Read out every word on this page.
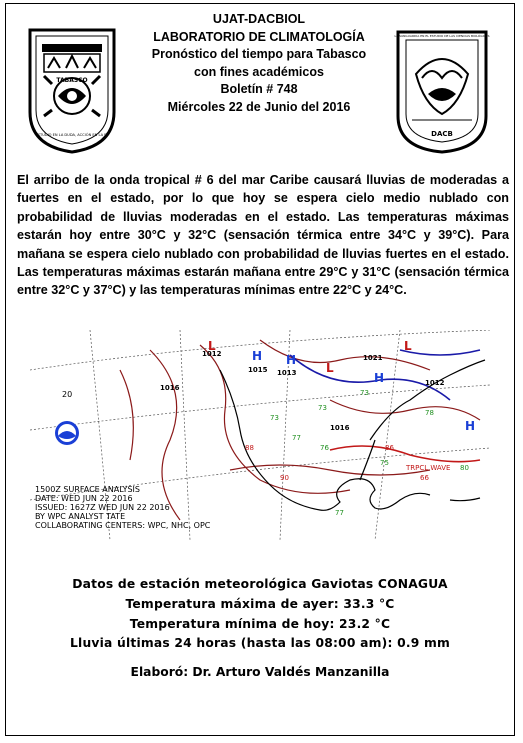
TABASCO
ESTUDIO EN LA DUDA, ACCIÓN EN LA FE	DACB
LA VANGUARDIA EN EL ESTUDIO DE LAS CIENCIAS BIOLÓGICAS
UJAT-DACBIOL
LABORATORIO DE CLIMATOLOGÍA
Pronóstico del tiempo para Tabasco
con fines académicos
Boletín # 748
Miércoles 22 de Junio del 2016
El arribo de la onda tropical # 6 del mar Caribe causará lluvias de moderadas a fuertes en el estado, por lo que hoy se espera cielo medio nublado con probabilidad de lluvias moderadas en el estado. Las temperaturas máximas estarán hoy entre 30°C y 32°C (sensación térmica entre 34°C y 39°C). Para mañana se espera cielo nublado con probabilidad de lluvias fuertes en el estado. Las temperaturas máximas estarán mañana entre 29°C y 31°C (sensación térmica entre 32°C y 37°C) y las temperaturas mínimas entre 22°C y 24°C.
20
1016
1012
1015 1013
1021
1016
1012
H H
H
H
L
L
L
TRPCL WAVE
73
73
73
77
77
75
76
78
80
88	86
66
90
1500Z SURFACE ANALYSIS
DATE: WED JUN 22 2016
ISSUED: 1627Z WED JUN 22 2016
BY WPC ANALYST TATE
COLLABORATING CENTERS: WPC, NHC, OPC
Datos de estación meteorológica Gaviotas CONAGUA
Temperatura máxima de ayer: 33.3 °C
Temperatura mínima de hoy: 23.2 °C
Lluvia últimas 24 horas (hasta las 08:00 am): 0.9 mm
Elaboró: Dr. Arturo Valdés Manzanilla
